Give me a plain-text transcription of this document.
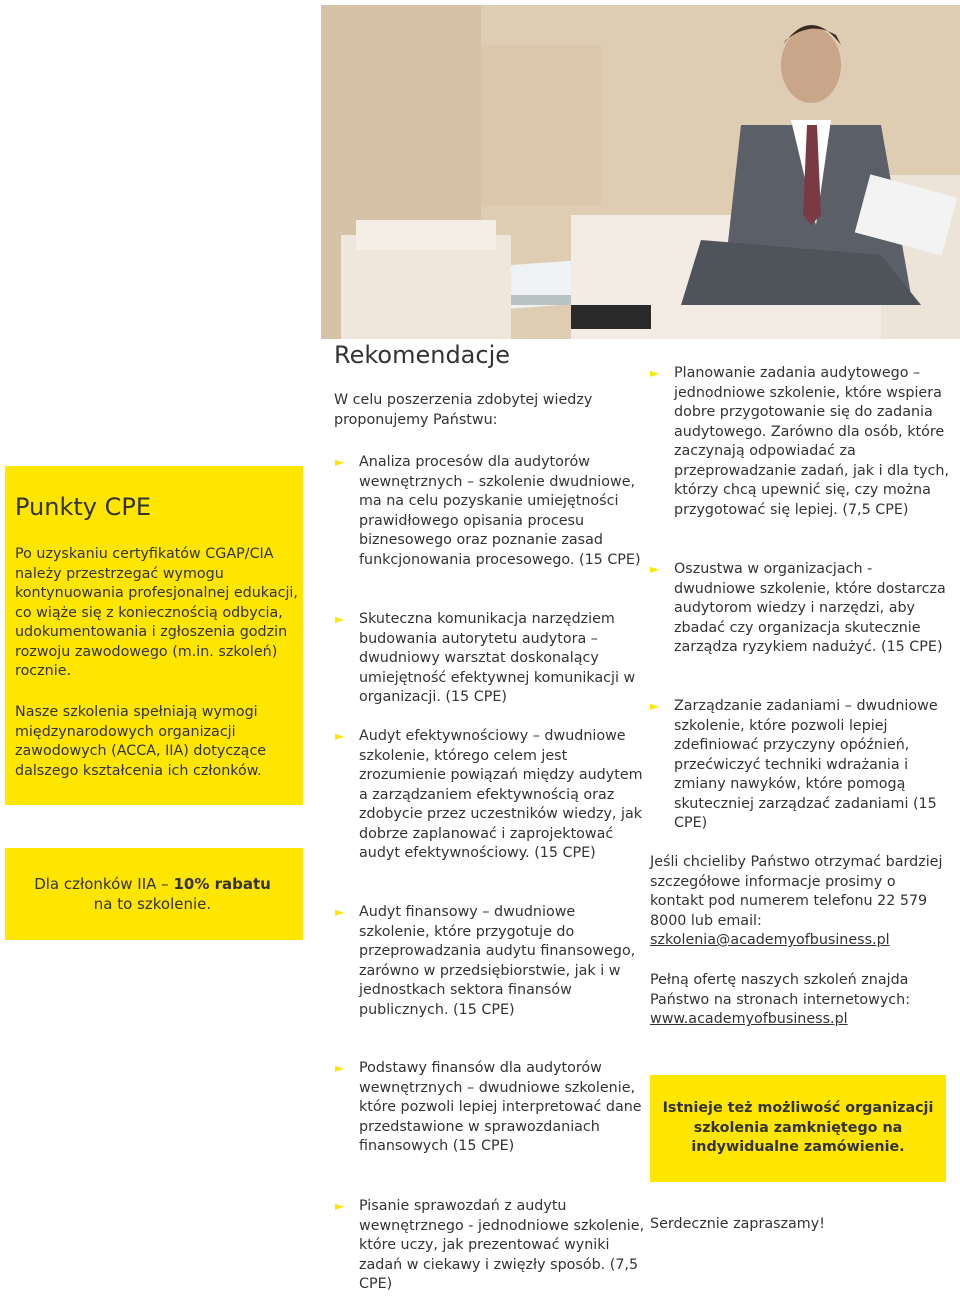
Punkty CPE

Po uzyskaniu certyfikatów CGAP/CIA należy przestrzegać wymogu kontynuowania profesjonalnej edukacji, co wiąże się z koniecznością odbycia, udokumentowania i zgłoszenia godzin rozwoju zawodowego (m.in. szkoleń) rocznie.

Nasze szkolenia spełniają wymogi międzynarodowych organizacji zawodowych (ACCA, IIA) dotyczące dalszego kształcenia ich członków.

Dla członków IIA – 10% rabatu
na to szkolenie.

Rekomendacje

W celu poszerzenia zdobytej wiedzy proponujemy Państwu:

► Analiza procesów dla audytorów wewnętrznych – szkolenie dwudniowe, ma na celu pozyskanie umiejętności prawidłowego opisania procesu biznesowego oraz poznanie zasad funkcjonowania procesowego. (15 CPE)

► Skuteczna komunikacja narzędziem budowania autorytetu audytora – dwudniowy warsztat doskonalący umiejętność efektywnej komunikacji w organizacji. (15 CPE)

► Audyt efektywnościowy – dwudniowe szkolenie, którego celem jest zrozumienie powiązań między audytem a zarządzaniem efektywnością oraz zdobycie przez uczestników wiedzy, jak dobrze zaplanować i zaprojektować audyt efektywnościowy. (15 CPE)

► Audyt finansowy – dwudniowe szkolenie, które przygotuje do przeprowadzania audytu finansowego, zarówno w przedsiębiorstwie, jak i w jednostkach sektora finansów publicznych. (15 CPE)

► Podstawy finansów dla audytorów wewnętrznych – dwudniowe szkolenie, które pozwoli lepiej interpretować dane przedstawione w sprawozdaniach finansowych (15 CPE)

► Pisanie sprawozdań z audytu wewnętrznego - jednodniowe szkolenie, które uczy, jak prezentować wyniki zadań w ciekawy i zwięzły sposób. (7,5 CPE)

► Planowanie zadania audytowego – jednodniowe szkolenie, które wspiera dobre przygotowanie się do zadania audytowego. Zarówno dla osób, które zaczynają odpowiadać za przeprowadzanie zadań, jak i dla tych, którzy chcą upewnić się, czy można przygotować się lepiej. (7,5 CPE)

► Oszustwa w organizacjach - dwudniowe szkolenie, które dostarcza audytorom wiedzy i narzędzi, aby zbadać czy organizacja skutecznie zarządza ryzykiem nadużyć. (15 CPE)

► Zarządzanie zadaniami – dwudniowe szkolenie, które pozwoli lepiej zdefiniować przyczyny opóźnień, przećwiczyć techniki wdrażania i zmiany nawyków, które pomogą skuteczniej zarządzać zadaniami (15 CPE)

Jeśli chcieliby Państwo otrzymać bardziej szczegółowe informacje prosimy o kontakt pod numerem telefonu 22 579 8000 lub email:
szkolenia@academyofbusiness.pl

Pełną ofertę naszych szkoleń znajda Państwo na stronach internetowych:
www.academyofbusiness.pl

Istnieje też możliwość organizacji szkolenia zamkniętego na indywidualne zamówienie.

Serdecznie zapraszamy!
